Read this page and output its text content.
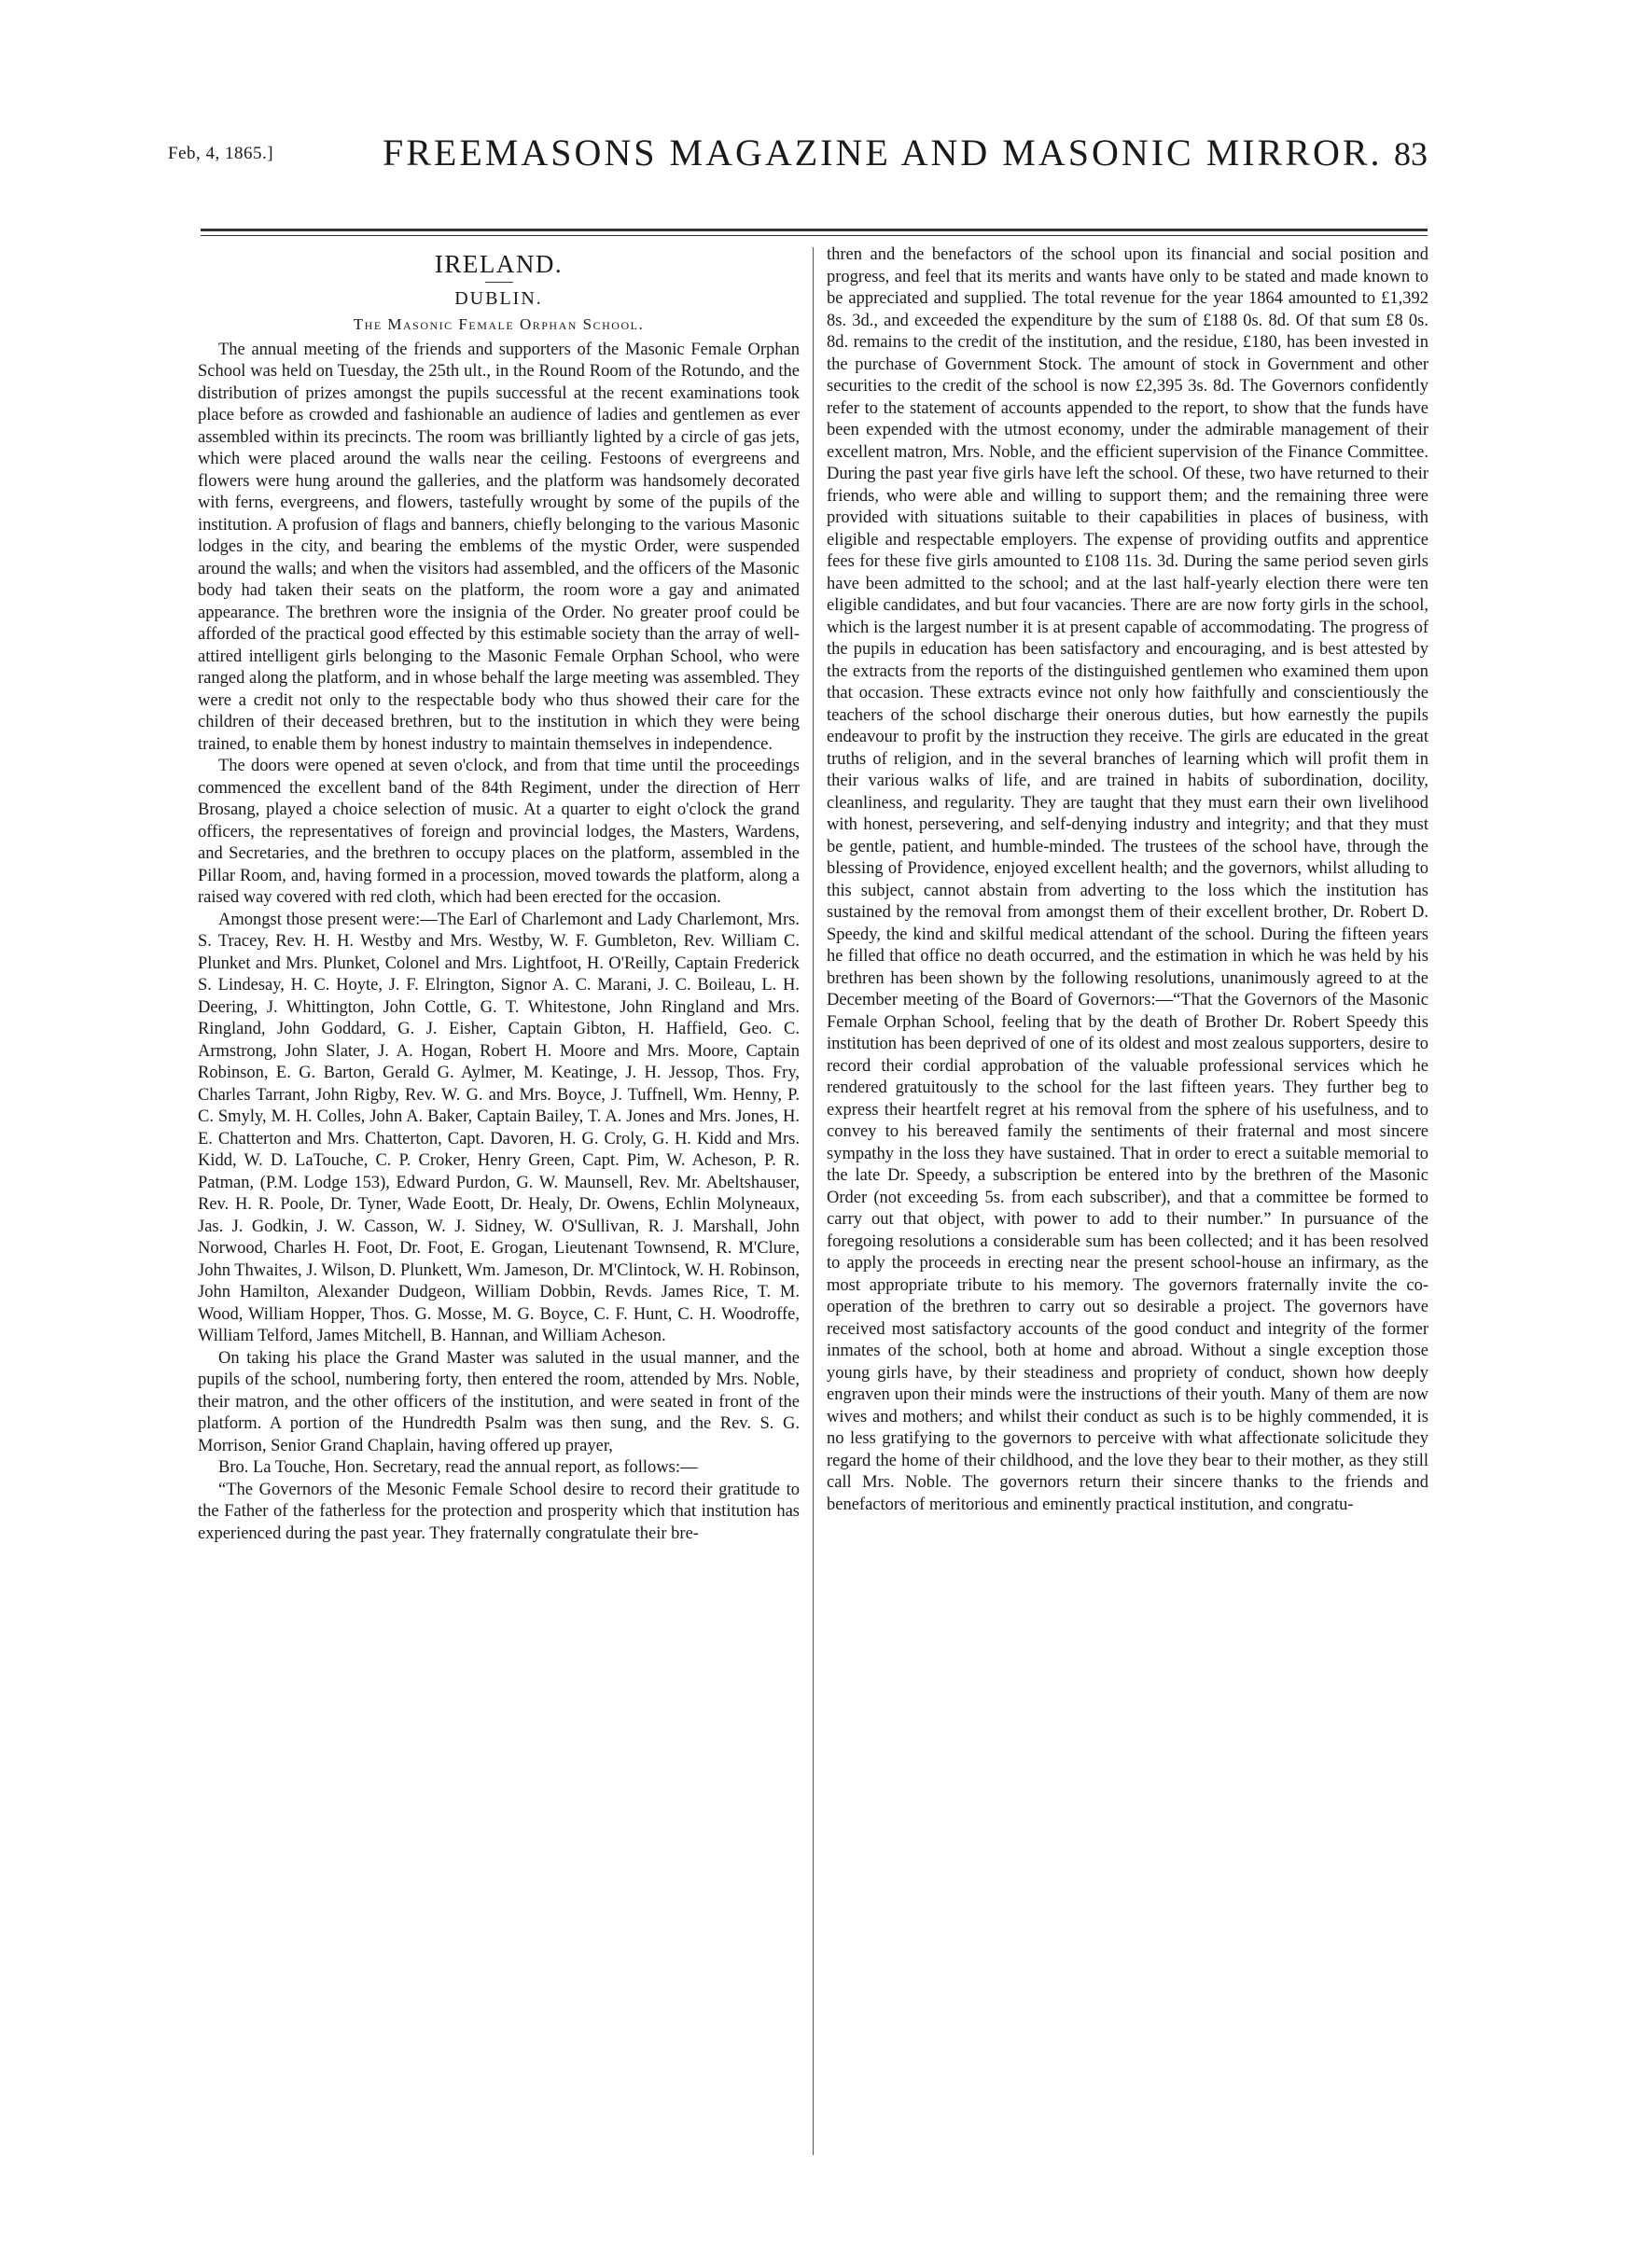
Feb, 4, 1865.]	FREEMASONS MAGAZINE AND MASONIC MIRROR. 83
IRELAND.
DUBLIN.
The Masonic Female Orphan School.

The annual meeting of the friends and supporters of the Masonic Female Orphan School was held on Tuesday, the 25th ult., in the Round Room of the Rotundo, and the distribution of prizes amongst the pupils successful at the recent examinations took place before as crowded and fashionable an audience of ladies and gentlemen as ever assembled within its precincts. The room was brilliantly lighted by a circle of gas jets, which were placed around the walls near the ceiling. Festoons of evergreens and flowers were hung around the galleries, and the platform was handsomely decorated with ferns, evergreens, and flowers, tastefully wrought by some of the pupils of the institution. A profusion of flags and banners, chiefly belonging to the various Masonic lodges in the city, and bearing the emblems of the mystic Order, were suspended around the walls; and when the visitors had assembled, and the officers of the Masonic body had taken their seats on the platform, the room wore a gay and animated appearance. The brethren wore the insignia of the Order. No greater proof could be afforded of the practical good effected by this estimable society than the array of well-attired intelligent girls belonging to the Masonic Female Orphan School, who were ranged along the platform, and in whose behalf the large meeting was assembled. They were a credit not only to the respectable body who thus showed their care for the children of their deceased brethren, but to the institution in which they were being trained, to enable them by honest industry to maintain themselves in independence.

The doors were opened at seven o'clock, and from that time until the proceedings commenced the excellent band of the 84th Regiment, under the direction of Herr Brosang, played a choice selection of music. At a quarter to eight o'clock the grand officers, the representatives of foreign and provincial lodges, the Masters, Wardens, and Secretaries, and the brethren to occupy places on the platform, assembled in the Pillar Room, and, having formed in a procession, moved towards the platform, along a raised way covered with red cloth, which had been erected for the occasion.

Amongst those present were:—The Earl of Charlemont and Lady Charlemont, Mrs. S. Tracey, Rev. H. H. Westby and Mrs. Westby, W. F. Gumbleton, Rev. William C. Plunket and Mrs. Plunket, Colonel and Mrs. Lightfoot, H. O'Reilly, Captain Frederick S. Lindesay, H. C. Hoyte, J. F. Elrington, Signor A. C. Marani, J. C. Boileau, L. H. Deering, J. Whittington, John Cottle, G. T. Whitestone, John Ringland and Mrs. Ringland, John Goddard, G. J. Eisher, Captain Gibton, H. Haffield, Geo. C. Armstrong, John Slater, J. A. Hogan, Robert H. Moore and Mrs. Moore, Captain Robinson, E. G. Barton, Gerald G. Aylmer, M. Keatinge, J. H. Jessop, Thos. Fry, Charles Tarrant, John Rigby, Rev. W. G. and Mrs. Boyce, J. Tuffnell, Wm. Henny, P. C. Smyly, M. H. Colles, John A. Baker, Captain Bailey, T. A. Jones and Mrs. Jones, H. E. Chatterton and Mrs. Chatterton, Capt. Davoren, H. G. Croly, G. H. Kidd and Mrs. Kidd, W. D. LaTouche, C. P. Croker, Henry Green, Capt. Pim, W. Acheson, P. R. Patman, (P.M. Lodge 153), Edward Purdon, G. W. Maunsell, Rev. Mr. Abeltshauser, Rev. H. R. Poole, Dr. Tyner, Wade Eoott, Dr. Healy, Dr. Owens, Echlin Molyneaux, Jas. J. Godkin, J. W. Casson, W. J. Sidney, W. O'Sullivan, R. J. Marshall, John Norwood, Charles H. Foot, Dr. Foot, E. Grogan, Lieutenant Townsend, R. M'Clure, John Thwaites, J. Wilson, D. Plunkett, Wm. Jameson, Dr. M'Clintock, W. H. Robinson, John Hamilton, Alexander Dudgeon, William Dobbin, Revds. James Rice, T. M. Wood, William Hopper, Thos. G. Mosse, M. G. Boyce, C. F. Hunt, C. H. Woodroffe, William Telford, James Mitchell, B. Hannan, and William Acheson.

On taking his place the Grand Master was saluted in the usual manner, and the pupils of the school, numbering forty, then entered the room, attended by Mrs. Noble, their matron, and the other officers of the institution, and were seated in front of the platform. A portion of the Hundredth Psalm was then sung, and the Rev. S. G. Morrison, Senior Grand Chaplain, having offered up prayer,

Bro. La Touche, Hon. Secretary, read the annual report, as follows:—

“The Governors of the Mesonic Female School desire to record their gratitude to the Father of the fatherless for the protection and prosperity which that institution has experienced during the past year. They fraternally congratulate their bre-

thren and the benefactors of the school upon its financial and social position and progress, and feel that its merits and wants have only to be stated and made known to be appreciated and supplied. The total revenue for the year 1864 amounted to £1,392 8s. 3d., and exceeded the expenditure by the sum of £188 0s. 8d. Of that sum £8 0s. 8d. remains to the credit of the institution, and the residue, £180, has been invested in the purchase of Government Stock. The amount of stock in Government and other securities to the credit of the school is now £2,395 3s. 8d. The Governors confidently refer to the statement of accounts appended to the report, to show that the funds have been expended with the utmost economy, under the admirable management of their excellent matron, Mrs. Noble, and the efficient supervision of the Finance Committee. During the past year five girls have left the school. Of these, two have returned to their friends, who were able and willing to support them; and the remaining three were provided with situations suitable to their capabilities in places of business, with eligible and respectable employers. The expense of providing outfits and apprentice fees for these five girls amounted to £108 11s. 3d. During the same period seven girls have been admitted to the school; and at the last half-yearly election there were ten eligible candidates, and but four vacancies. There are are now forty girls in the school, which is the largest number it is at present capable of accommodating. The progress of the pupils in education has been satisfactory and encouraging, and is best attested by the extracts from the reports of the distinguished gentlemen who examined them upon that occasion. These extracts evince not only how faithfully and conscientiously the teachers of the school discharge their onerous duties, but how earnestly the pupils endeavour to profit by the instruction they receive. The girls are educated in the great truths of religion, and in the several branches of learning which will profit them in their various walks of life, and are trained in habits of subordination, docility, cleanliness, and regularity. They are taught that they must earn their own livelihood with honest, persevering, and self-denying industry and integrity; and that they must be gentle, patient, and humble-minded. The trustees of the school have, through the blessing of Providence, enjoyed excellent health; and the governors, whilst alluding to this subject, cannot abstain from adverting to the loss which the institution has sustained by the removal from amongst them of their excellent brother, Dr. Robert D. Speedy, the kind and skilful medical attendant of the school. During the fifteen years he filled that office no death occurred, and the estimation in which he was held by his brethren has been shown by the following resolutions, unanimously agreed to at the December meeting of the Board of Governors:—“That the Governors of the Masonic Female Orphan School, feeling that by the death of Brother Dr. Robert Speedy this institution has been deprived of one of its oldest and most zealous supporters, desire to record their cordial approbation of the valuable professional services which he rendered gratuitously to the school for the last fifteen years. They further beg to express their heartfelt regret at his removal from the sphere of his usefulness, and to convey to his bereaved family the sentiments of their fraternal and most sincere sympathy in the loss they have sustained. That in order to erect a suitable memorial to the late Dr. Speedy, a subscription be entered into by the brethren of the Masonic Order (not exceeding 5s. from each subscriber), and that a committee be formed to carry out that object, with power to add to their number.” In pursuance of the foregoing resolutions a considerable sum has been collected; and it has been resolved to apply the proceeds in erecting near the present school-house an infirmary, as the most appropriate tribute to his memory. The governors fraternally invite the co-operation of the brethren to carry out so desirable a project. The governors have received most satisfactory accounts of the good conduct and integrity of the former inmates of the school, both at home and abroad. Without a single exception those young girls have, by their steadiness and propriety of conduct, shown how deeply engraven upon their minds were the instructions of their youth. Many of them are now wives and mothers; and whilst their conduct as such is to be highly commended, it is no less gratifying to the governors to perceive with what affectionate solicitude they regard the home of their childhood, and the love they bear to their mother, as they still call Mrs. Noble. The governors return their sincere thanks to the friends and benefactors of meritorious and eminently practical institution, and congratu-
